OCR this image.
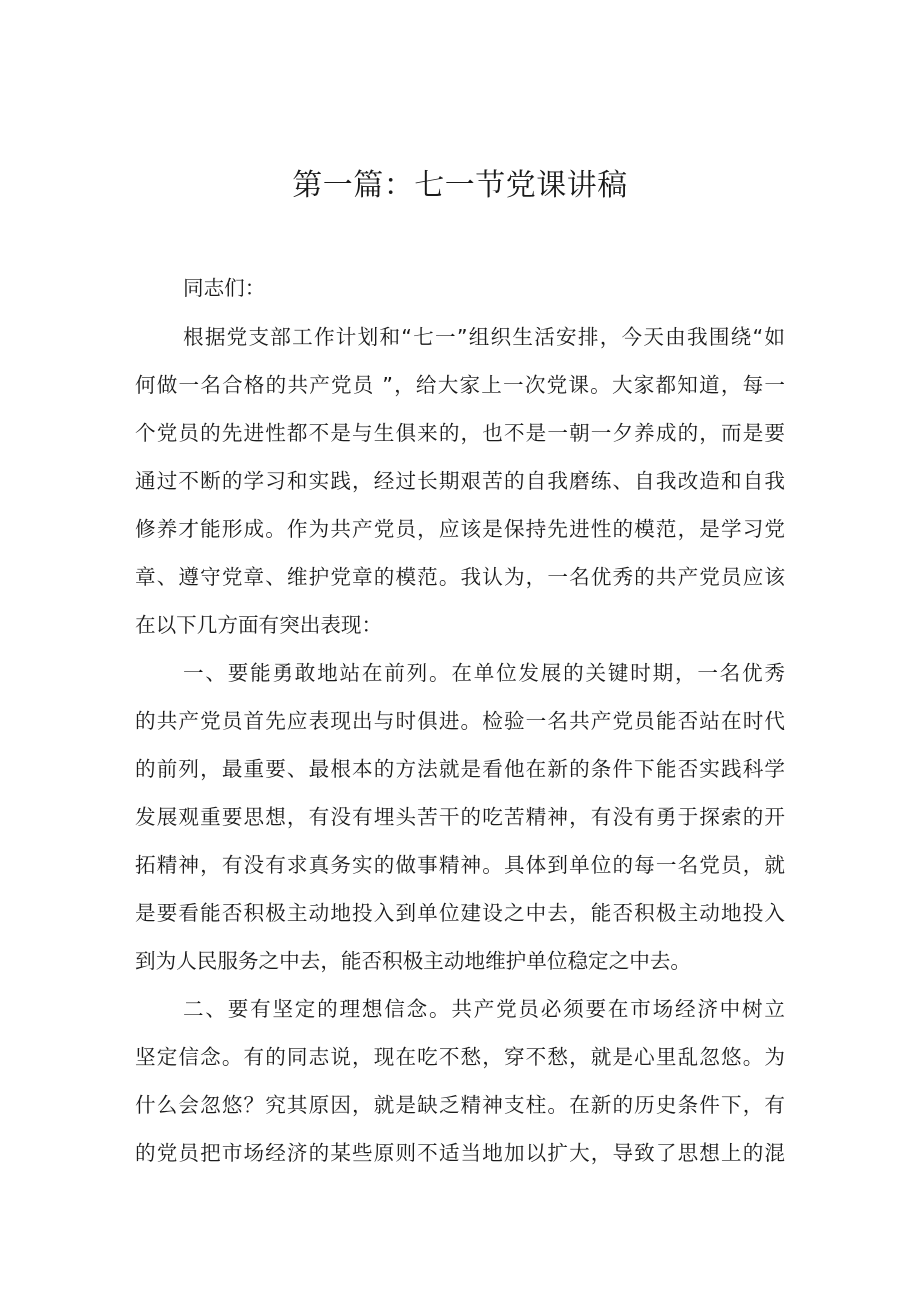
第一篇：七一节党课讲稿

同志们：

根据党支部工作计划和“七一”组织生活安排，今天由我围绕“如

何做一名合格的共产党员 ”，给大家上一次党课。大家都知道，每一

个党员的先进性都不是与生俱来的，也不是一朝一夕养成的，而是要

通过不断的学习和实践，经过长期艰苦的自我磨练、自我改造和自我

修养才能形成。作为共产党员，应该是保持先进性的模范，是学习党

章、遵守党章、维护党章的模范。我认为，一名优秀的共产党员应该

在以下几方面有突出表现：

一、要能勇敢地站在前列。在单位发展的关键时期，一名优秀

的共产党员首先应表现出与时俱进。检验一名共产党员能否站在时代

的前列，最重要、最根本的方法就是看他在新的条件下能否实践科学

发展观重要思想，有没有埋头苦干的吃苦精神，有没有勇于探索的开

拓精神，有没有求真务实的做事精神。具体到单位的每一名党员，就

是要看能否积极主动地投入到单位建设之中去，能否积极主动地投入

到为人民服务之中去，能否积极主动地维护单位稳定之中去。

二、要有坚定的理想信念。共产党员必须要在市场经济中树立

坚定信念。有的同志说，现在吃不愁，穿不愁，就是心里乱忽悠。为

什么会忽悠？究其原因，就是缺乏精神支柱。在新的历史条件下，有

的党员把市场经济的某些原则不适当地加以扩大，导致了思想上的混
